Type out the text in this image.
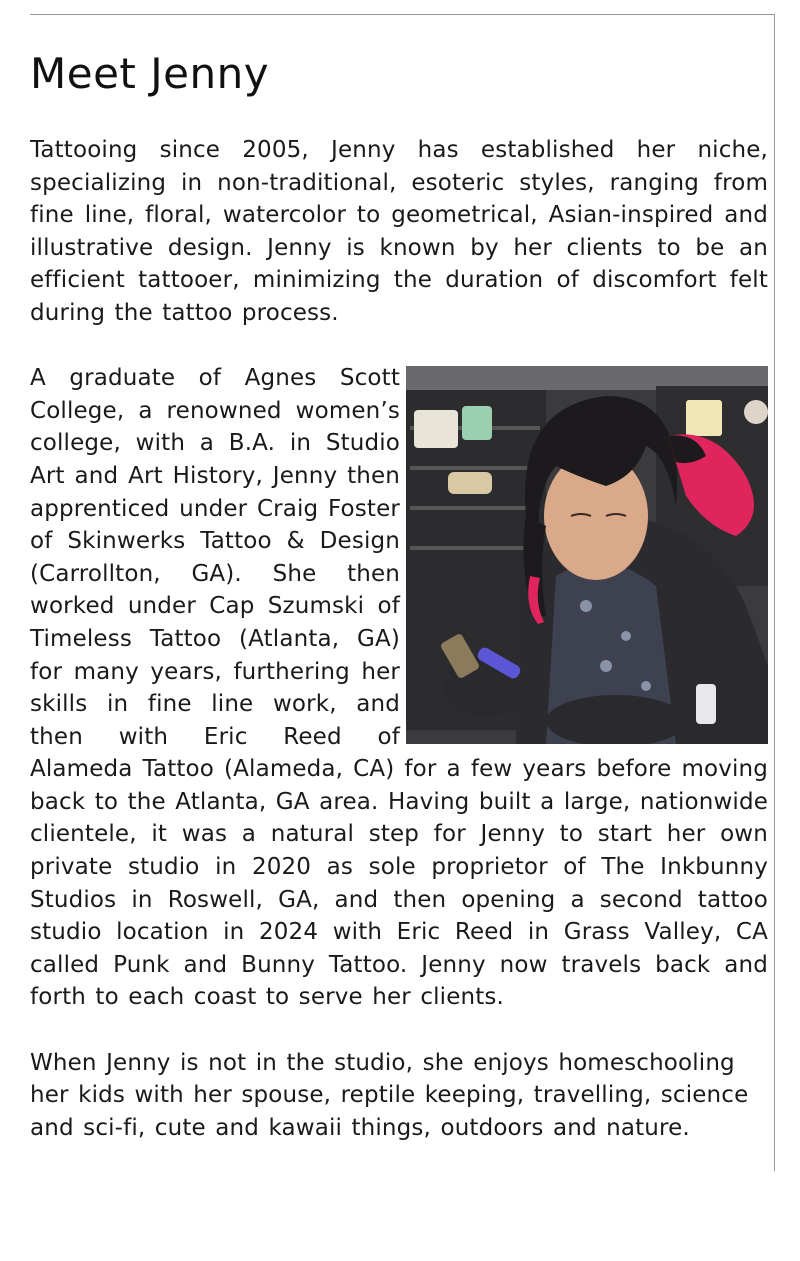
Meet Jenny

Tattooing since 2005, Jenny has established her niche, specializing in non-traditional, esoteric styles, ranging from fine line, floral, watercolor to geometrical, Asian-inspired and illustrative design. Jenny is known by her clients to be an efficient tattooer, minimizing the duration of discomfort felt during the tattoo process.

A graduate of Agnes Scott College, a renowned women’s college, with a B.A. in Studio Art and Art History, Jenny then apprenticed under Craig Foster of Skinwerks Tattoo & Design (Carrollton, GA). She then worked under Cap Szumski of Timeless Tattoo (Atlanta, GA) for many years, furthering her skills in fine line work, and then with Eric Reed of Alameda Tattoo (Alameda, CA) for a few years before moving back to the Atlanta, GA area. Having built a large, nationwide clientele, it was a natural step for Jenny to start her own private studio in 2020 as sole proprietor of The Inkbunny Studios in Roswell, GA, and then opening a second tattoo studio location in 2024 with Eric Reed in Grass Valley, CA called Punk and Bunny Tattoo. Jenny now travels back and forth to each coast to serve her clients.

When Jenny is not in the studio, she enjoys homeschooling her kids with her spouse, reptile keeping, travelling, science and sci-fi, cute and kawaii things, outdoors and nature.
